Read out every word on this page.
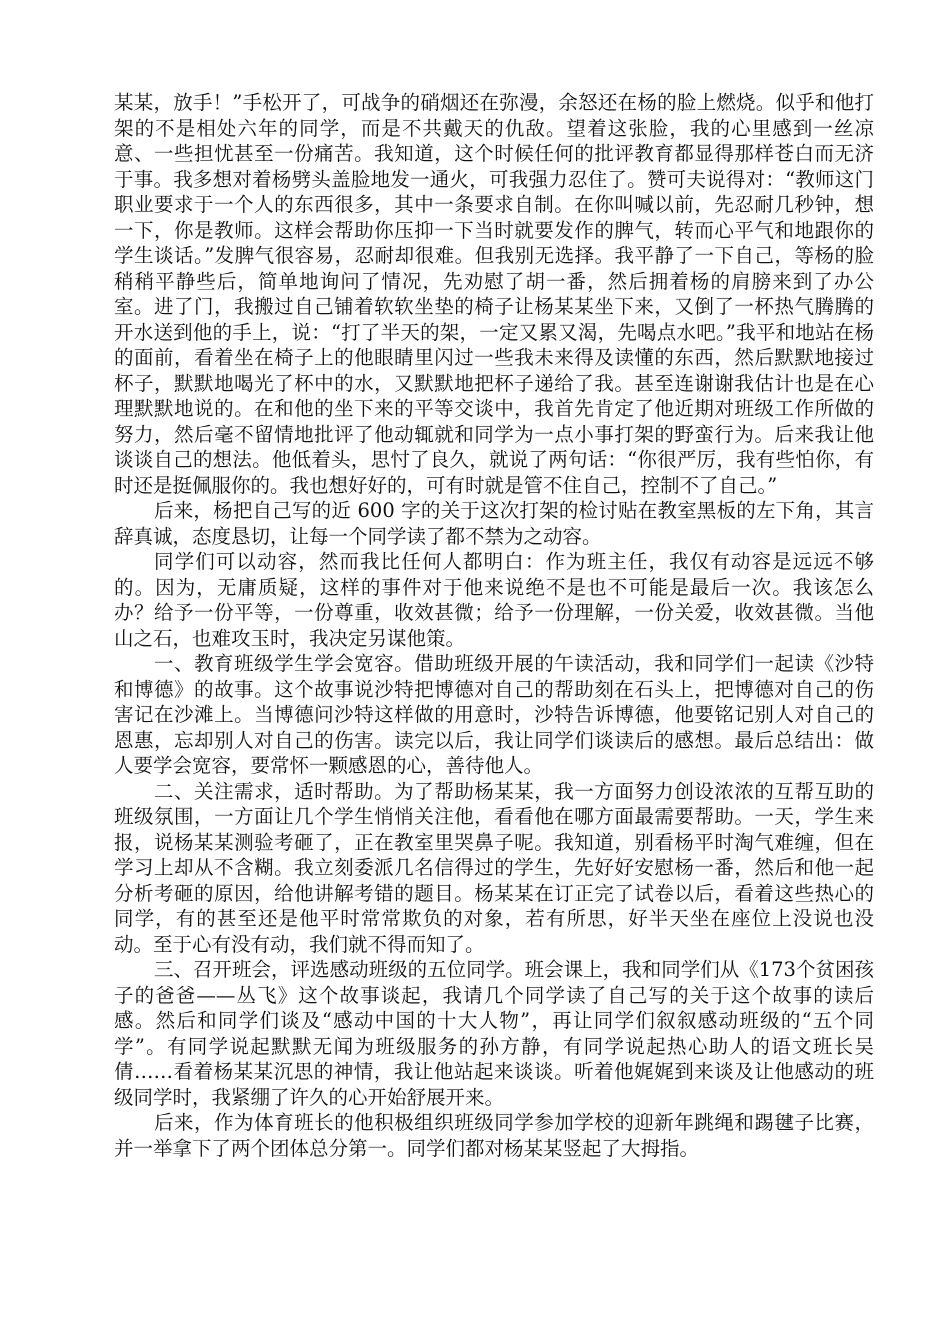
某某，放手！”手松开了，可战争的硝烟还在弥漫，余怒还在杨的脸上燃烧。似乎和他打架的不是相处六年的同学，而是不共戴天的仇敌。望着这张脸，我的心里感到一丝凉意、一些担忧甚至一份痛苦。我知道，这个时候任何的批评教育都显得那样苍白而无济于事。我多想对着杨劈头盖脸地发一通火，可我强力忍住了。赞可夫说得对：“教师这门职业要求于一个人的东西很多，其中一条要求自制。在你叫喊以前，先忍耐几秒钟，想一下，你是教师。这样会帮助你压抑一下当时就要发作的脾气，转而心平气和地跟你的学生谈话。”发脾气很容易，忍耐却很难。但我别无选择。我平静了一下自己，等杨的脸稍稍平静些后，简单地询问了情况，先劝慰了胡一番，然后拥着杨的肩膀来到了办公室。进了门，我搬过自己铺着软软坐垫的椅子让杨某某坐下来，又倒了一杯热气腾腾的开水送到他的手上，说：“打了半天的架，一定又累又渴，先喝点水吧。”我平和地站在杨的面前，看着坐在椅子上的他眼睛里闪过一些我未来得及读懂的东西，然后默默地接过杯子，默默地喝光了杯中的水，又默默地把杯子递给了我。甚至连谢谢我估计也是在心理默默地说的。在和他的坐下来的平等交谈中，我首先肯定了他近期对班级工作所做的努力，然后毫不留情地批评了他动辄就和同学为一点小事打架的野蛮行为。后来我让他谈谈自己的想法。他低着头，思忖了良久，就说了两句话：“你很严厉，我有些怕你，有时还是挺佩服你的。我也想好好的，可有时就是管不住自己，控制不了自己。”

后来，杨把自己写的近 600 字的关于这次打架的检讨贴在教室黑板的左下角，其言辞真诚，态度恳切，让每一个同学读了都不禁为之动容。

同学们可以动容，然而我比任何人都明白：作为班主任，我仅有动容是远远不够的。因为，无庸质疑，这样的事件对于他来说绝不是也不可能是最后一次。我该怎么办？给予一份平等，一份尊重，收效甚微；给予一份理解，一份关爱，收效甚微。当他山之石，也难攻玉时，我决定另谋他策。

一、教育班级学生学会宽容。借助班级开展的午读活动，我和同学们一起读《沙特和博德》的故事。这个故事说沙特把博德对自己的帮助刻在石头上，把博德对自己的伤害记在沙滩上。当博德问沙特这样做的用意时，沙特告诉博德，他要铭记别人对自己的恩惠，忘却别人对自己的伤害。读完以后，我让同学们谈读后的感想。最后总结出：做人要学会宽容，要常怀一颗感恩的心，善待他人。

二、关注需求，适时帮助。为了帮助杨某某，我一方面努力创设浓浓的互帮互助的班级氛围，一方面让几个学生悄悄关注他，看看他在哪方面最需要帮助。一天，学生来报，说杨某某测验考砸了，正在教室里哭鼻子呢。我知道，别看杨平时淘气难缠，但在学习上却从不含糊。我立刻委派几名信得过的学生，先好好安慰杨一番，然后和他一起分析考砸的原因，给他讲解考错的题目。杨某某在订正完了试卷以后，看着这些热心的同学，有的甚至还是他平时常常欺负的对象，若有所思，好半天坐在座位上没说也没动。至于心有没有动，我们就不得而知了。

三、召开班会，评选感动班级的五位同学。班会课上，我和同学们从《173个贫困孩子的爸爸——丛飞》这个故事谈起，我请几个同学读了自己写的关于这个故事的读后感。然后和同学们谈及“感动中国的十大人物”，再让同学们叙叙感动班级的“五个同学”。有同学说起默默无闻为班级服务的孙方静，有同学说起热心助人的语文班长吴倩……看着杨某某沉思的神情，我让他站起来谈谈。听着他娓娓到来谈及让他感动的班级同学时，我紧绷了许久的心开始舒展开来。

后来，作为体育班长的他积极组织班级同学参加学校的迎新年跳绳和踢毽子比赛，并一举拿下了两个团体总分第一。同学们都对杨某某竖起了大拇指。
